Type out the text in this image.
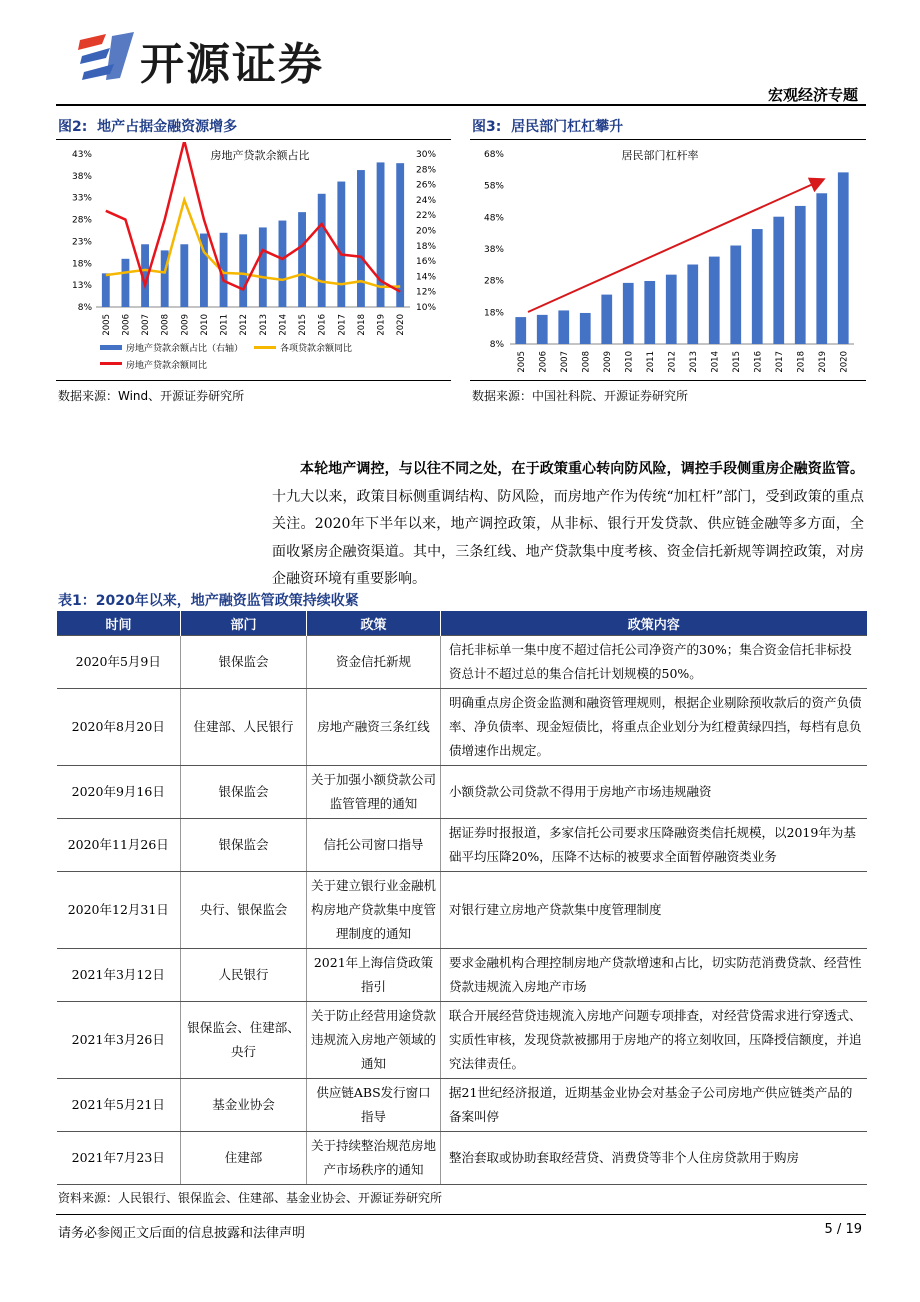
开源证券
宏观经济专题
图2: 地产占据金融资源增多	图3: 居民部门杠杠攀升
房地产贷款余额占比
8%
13%
18%
23%
28%
33%
38%
43%
10%
12%
14%
16%
18%
20%
22%
24%
26%
28%
30%
2005 2006 2007 2008 2009 2010 2011 2012 2013 2014 2015 2016 2017 2018 2019 2020
房地产贷款余额占比（右轴）	各项贷款余额同比
房地产贷款余额同比
居民部门杠杆率
8%
18%
28%
38%
48%
58%
68%
2005 2006 2007 2008 2009 2010 2011 2012 2013 2014 2015 2016 2017 2018 2019 2020
数据来源：Wind、开源证券研究所	数据来源：中国社科院、开源证券研究所
本轮地产调控，与以往不同之处，在于政策重心转向防风险，调控手段侧重房企融资监管。十九大以来，政策目标侧重调结构、防风险，而房地产作为传统“加杠杆”部门，受到政策的重点关注。2020年下半年以来，地产调控政策，从非标、银行开发贷款、供应链金融等多方面，全面收紧房企融资渠道。其中，三条红线、地产贷款集中度考核、资金信托新规等调控政策，对房企融资环境有重要影响。
表1：2020年以来，地产融资监管政策持续收紧
时间	部门	政策	政策内容
2020年5月9日	银保监会	资金信托新规	信托非标单一集中度不超过信托公司净资产的30%；集合资金信托非标投资总计不超过总的集合信托计划规模的50%。
2020年8月20日	住建部、人民银行	房地产融资三条红线	明确重点房企资金监测和融资管理规则，根据企业剔除预收款后的资产负债率、净负债率、现金短债比，将重点企业划分为红橙黄绿四挡，每档有息负债增速作出规定。
2020年9月16日	银保监会	关于加强小额贷款公司监管管理的通知	小额贷款公司贷款不得用于房地产市场违规融资
2020年11月26日	银保监会	信托公司窗口指导	据证券时报报道，多家信托公司要求压降融资类信托规模，以2019年为基础平均压降20%，压降不达标的被要求全面暂停融资类业务
2020年12月31日	央行、银保监会	关于建立银行业金融机构房地产贷款集中度管理制度的通知	对银行建立房地产贷款集中度管理制度
2021年3月12日	人民银行	2021年上海信贷政策指引	要求金融机构合理控制房地产贷款增速和占比，切实防范消费贷款、经营性贷款违规流入房地产市场
2021年3月26日	银保监会、住建部、央行	关于防止经营用途贷款违规流入房地产领域的通知	联合开展经营贷违规流入房地产问题专项排查，对经营贷需求进行穿透式、实质性审核，发现贷款被挪用于房地产的将立刻收回，压降授信额度，并追究法律责任。
2021年5月21日	基金业协会	供应链ABS发行窗口指导	据21世纪经济报道，近期基金业协会对基金子公司房地产供应链类产品的备案叫停
2021年7月23日	住建部	关于持续整治规范房地产市场秩序的通知	整治套取或协助套取经营贷、消费贷等非个人住房贷款用于购房
资料来源：人民银行、银保监会、住建部、基金业协会、开源证券研究所
请务必参阅正文后面的信息披露和法律声明	5 / 19
